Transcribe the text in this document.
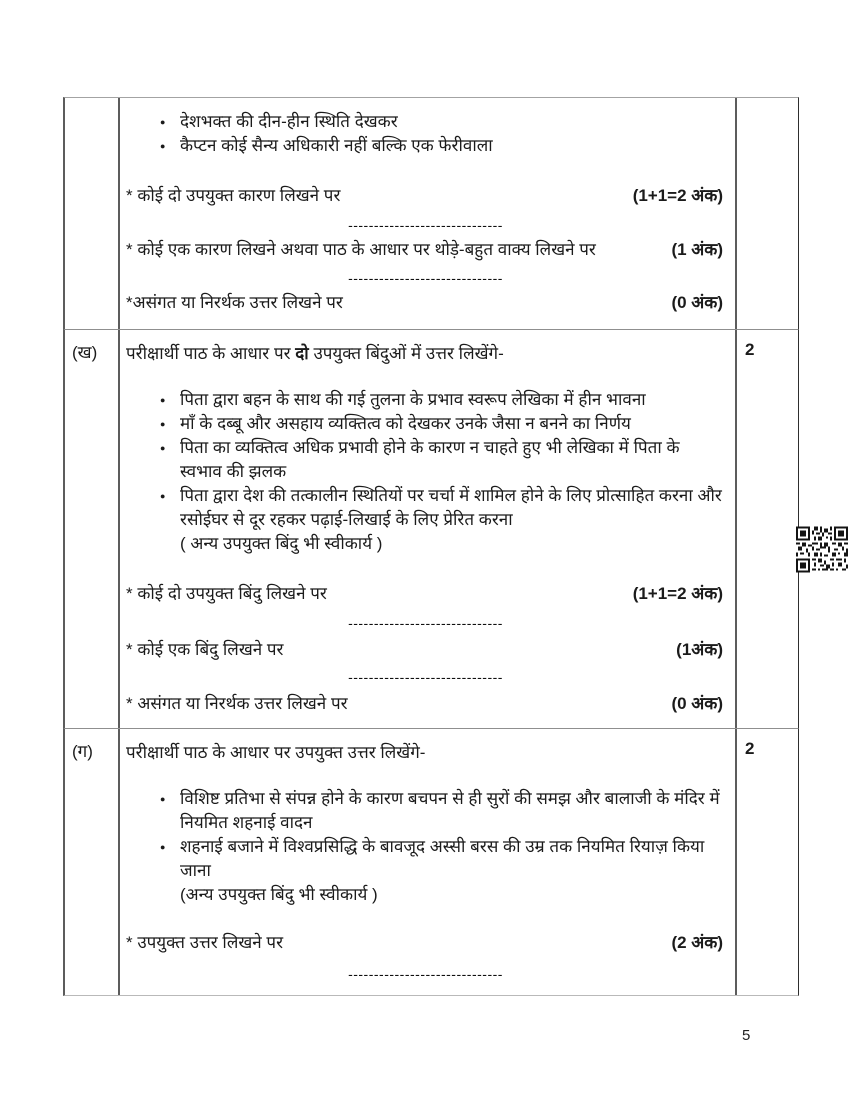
● देशभक्त की दीन-हीन स्थिति देखकर
● कैप्टन कोई सैन्य अधिकारी नहीं बल्कि एक फेरीवाला
* कोई दो उपयुक्त कारण लिखने पर	(1+1=2 अंक)
------------------------------
* कोई एक कारण लिखने अथवा पाठ के आधार पर थोड़े-बहुत वाक्य लिखने पर	(1 अंक)
------------------------------
*असंगत या निरर्थक उत्तर लिखने पर	(0 अंक)
(ख)	परीक्षार्थी पाठ के आधार पर दो उपयुक्त बिंदुओं में उत्तर लिखेंगे-
● पिता द्वारा बहन के साथ की गई तुलना के प्रभाव स्वरूप लेखिका में हीन भावना
● माँ के दब्बू और असहाय व्यक्तित्व को देखकर उनके जैसा न बनने का निर्णय
● पिता का व्यक्तित्व अधिक प्रभावी होने के कारण न चाहते हुए भी लेखिका में पिता के स्वभाव की झलक
● पिता द्वारा देश की तत्कालीन स्थितियों पर चर्चा में शामिल होने के लिए प्रोत्साहित करना और रसोईघर से दूर रहकर पढ़ाई-लिखाई के लिए प्रेरित करना
( अन्य उपयुक्त बिंदु भी स्वीकार्य )
* कोई दो उपयुक्त बिंदु लिखने पर	(1+1=2 अंक)
------------------------------
* कोई एक बिंदु लिखने पर	(1अंक)
------------------------------
* असंगत या निरर्थक उत्तर लिखने पर	(0 अंक)
2
(ग)	परीक्षार्थी पाठ के आधार पर उपयुक्त उत्तर लिखेंगे-
● विशिष्ट प्रतिभा से संपन्न होने के कारण बचपन से ही सुरों की समझ और बालाजी के मंदिर में नियमित शहनाई वादन
● शहनाई बजाने में विश्वप्रसिद्धि के बावजूद अस्सी बरस की उम्र तक नियमित रियाज़ किया जाना
(अन्य उपयुक्त बिंदु भी स्वीकार्य )
* उपयुक्त उत्तर लिखने पर	(2 अंक)
------------------------------
2
5
